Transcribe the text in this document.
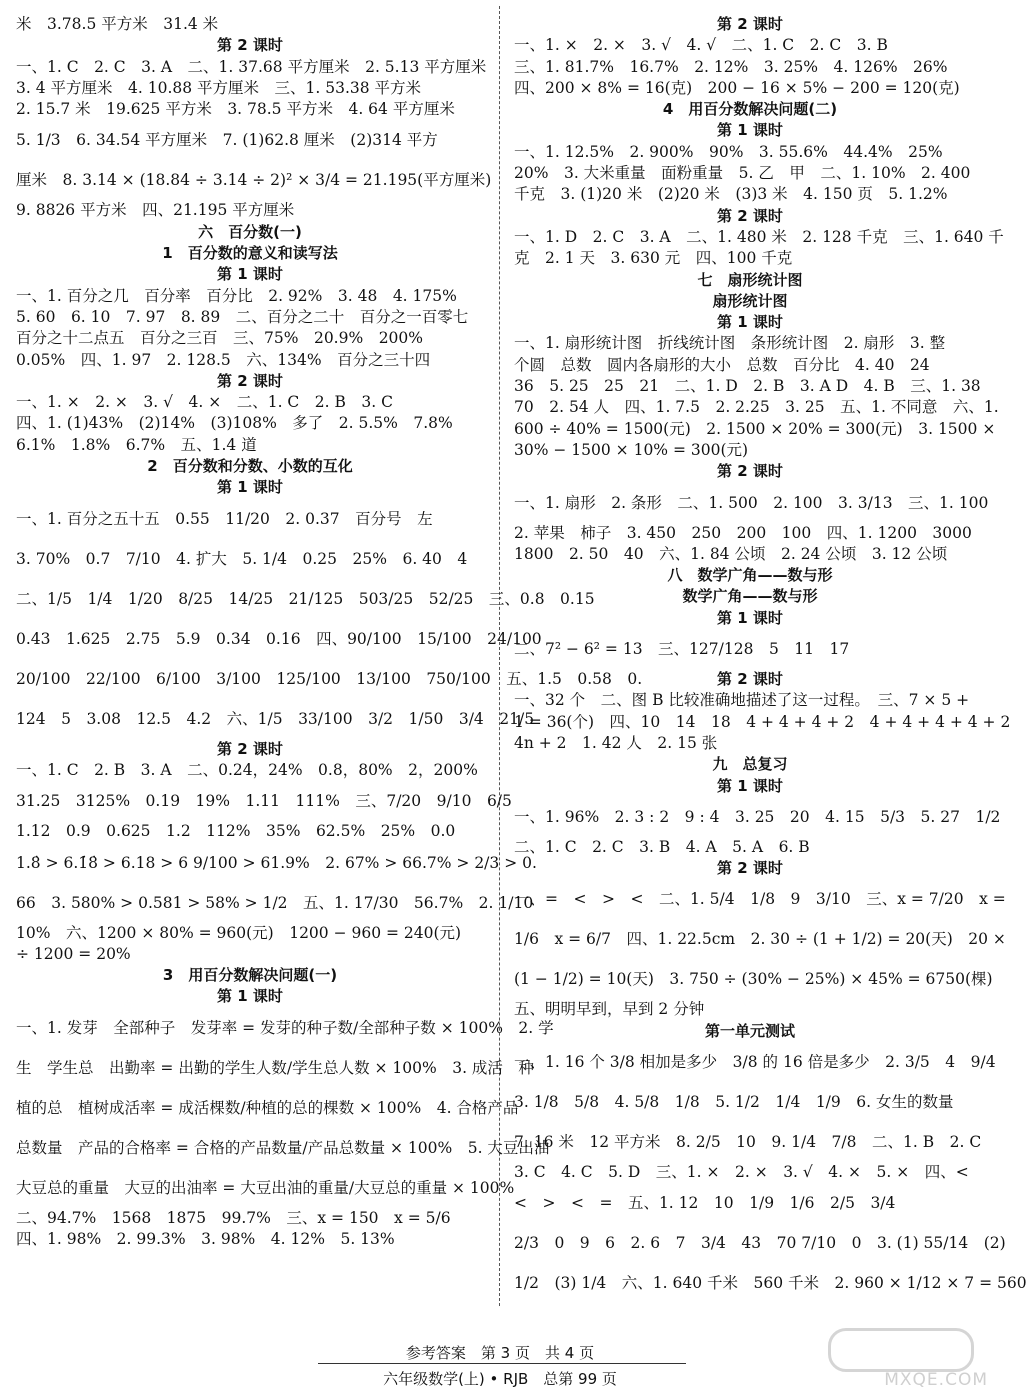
米　3.78.5 平方米　31.4 米
第 2 课时
一、1. C　2. C　3. A　二、1. 37.68 平方厘米　2. 5.13 平方厘米
3. 4 平方厘米　4. 10.88 平方厘米　三、1. 53.38 平方米
2. 15.7 米　19.625 平方米　3. 78.5 平方米　4. 64 平方厘米
5. 1/3　6. 34.54 平方厘米　7. (1)62.8 厘米　(2)314 平方
厘米　8. 3.14 × (18.84 ÷ 3.14 ÷ 2)² × 3/4 = 21.195(平方厘米)
9. 8826 平方米　四、21.195 平方厘米
六　百分数(一)
1　百分数的意义和读写法
第 1 课时
一、1. 百分之几　百分率　百分比　2. 92%　3. 48　4. 175%
5. 60　6. 10　7. 97　8. 89　二、百分之二十　百分之一百零七
百分之十二点五　百分之三百　三、75%　20.9%　200%
0.05%　四、1. 97　2. 128.5　六、134%　百分之三十四
第 2 课时
一、1. ×　2. ×　3. √　4. ×　二、1. C　2. B　3. C
四、1. (1)43%　(2)14%　(3)108%　多了　2. 5.5%　7.8%
6.1%　1.8%　6.7%　五、1.4 道
2　百分数和分数、小数的互化
第 1 课时
一、1. 百分之五十五　0.55　11/20　2. 0.37　百分号　左
3. 70%　0.7　7/10　4. 扩大　5. 1/4　0.25　25%　6. 40　4
二、1/5　1/4　1/20　8/25　14/25　21/125　503/25　52/25　三、0.8　0.15
0.43　1.625　2.75　5.9　0.34　0.16　四、90/100　15/100　24/100
20/100　22/100　6/100　3/100　125/100　13/100　750/100　五、1.5　0.58　0.
124　5　3.08　12.5　4.2　六、1/5　33/100　3/2　1/50　3/4　21/5
第 2 课时
一、1. C　2. B　3. A　二、0.24，24%　0.8，80%　2，200%
31.25　3125%　0.19　19%　1.11　111%　三、7/20　9/10　6/5
1.12　0.9　0.625　1.2　112%　35%　62.5%　25%　0.0
1.8̇ > 6.1̇8̇ > 6.18 > 6 9/100 > 61.9%　2. 67% > 66.7% > 2/3 > 0.
66　3. 580% > 0.581 > 58% > 1/2　五、1. 17/30　56.7%　2. 1/10
10%　六、1200 × 80% = 960(元)　1200 − 960 = 240(元)
÷ 1200 = 20%
3　用百分数解决问题(一)
第 1 课时
一、1. 发芽　全部种子　发芽率 = 发芽的种子数/全部种子数 × 100%　2. 学
生　学生总　出勤率 = 出勤的学生人数/学生总人数 × 100%　3. 成活　种
植的总　植树成活率 = 成活棵数/种植的总的棵数 × 100%　4. 合格产品
总数量　产品的合格率 = 合格的产品数量/产品总数量 × 100%　5. 大豆出油
大豆总的重量　大豆的出油率 = 大豆出油的重量/大豆总的重量 × 100%
二、94.7%　1568　1875　99.7%　三、x = 150　x = 5/6
四、1. 98%　2. 99.3%　3. 98%　4. 12%　5. 13%
第 2 课时
一、1. ×　2. ×　3. √　4. √　二、1. C　2. C　3. B
三、1. 81.7%　16.7%　2. 12%　3. 25%　4. 126%　26%
四、200 × 8% = 16(克)　200 − 16 × 5% − 200 = 120(克)
4　用百分数解决问题(二)
第 1 课时
一、1. 12.5%　2. 900%　90%　3. 55.6%　44.4%　25%
20%　3. 大米重量　面粉重量　5. 乙　甲　二、1. 10%　2. 400
千克　3. (1)20 米　(2)20 米　(3)3 米　4. 150 页　5. 1.2%
第 2 课时
一、1. D　2. C　3. A　二、1. 480 米　2. 128 千克　三、1. 640 千
克　2. 1 天　3. 630 元　四、100 千克
七　扇形统计图
扇形统计图
第 1 课时
一、1. 扇形统计图　折线统计图　条形统计图　2. 扇形　3. 整
个圆　总数　圆内各扇形的大小　总数　百分比　4. 40　24
36　5. 25　25　21　二、1. D　2. B　3. A D　4. B　三、1. 38
70　2. 54 人　四、1. 7.5　2. 2.25　3. 25　五、1. 不同意　六、1.
600 ÷ 40% = 1500(元)　2. 1500 × 20% = 300(元)　3. 1500 ×
30% − 1500 × 10% = 300(元)
第 2 课时
一、1. 扇形　2. 条形　二、1. 500　2. 100　3. 3/13　三、1. 100
2. 苹果　柿子　3. 450　250　200　100　四、1. 1200　3000
1800　2. 50　40　六、1. 84 公顷　2. 24 公顷　3. 12 公顷
八　数学广角——数与形
数学广角——数与形
第 1 课时
二、7² − 6² = 13　三、127/128　5　11　17
第 2 课时
一、32 个　二、图 B 比较准确地描述了这一过程。　三、7 × 5 +
1 = 36(个)　四、10　14　18　4 + 4 + 4 + 2　4 + 4 + 4 + 4 + 2
4n + 2　1. 42 人　2. 15 张
九　总复习
第 1 课时
一、1. 96%　2. 3 : 2　9 : 4　3. 25　20　4. 15　5/3　5. 27　1/2
二、1. C　2. C　3. B　4. A　5. A　6. B
第 2 课时
一、=　<　>　<　二、1. 5/4　1/8　9　3/10　三、x = 7/20　x =
1/6　x = 6/7　四、1. 22.5cm　2. 30 ÷ (1 + 1/2) = 20(天)　20 ×
(1 − 1/2) = 10(天)　3. 750 ÷ (30% − 25%) × 45% = 6750(棵)
五、明明早到，早到 2 分钟
第一单元测试
一、1. 16 个 3/8 相加是多少　3/8 的 16 倍是多少　2. 3/5　4　9/4
3. 1/8　5/8　4. 5/8　1/8　5. 1/2　1/4　1/9　6. 女生的数量
7. 16 米　12 平方米　8. 2/5　10　9. 1/4　7/8　二、1. B　2. C
3. C　4. C　5. D　三、1. ×　2. ×　3. √　4. ×　5. ×　四、<
<　>　<　=　五、1. 12　10　1/9　1/6　2/5　3/4
2/3　0　9　6　2. 6　7　3/4　43　70 7/10　0　3. (1) 55/14　(2)
1/2　(3) 1/4　六、1. 640 千米　560 千米　2. 960 × 1/12 × 7 = 560
参考答案　第 3 页　共 4 页
六年级数学(上) • RJB　总第 99 页	MXQE.COM
